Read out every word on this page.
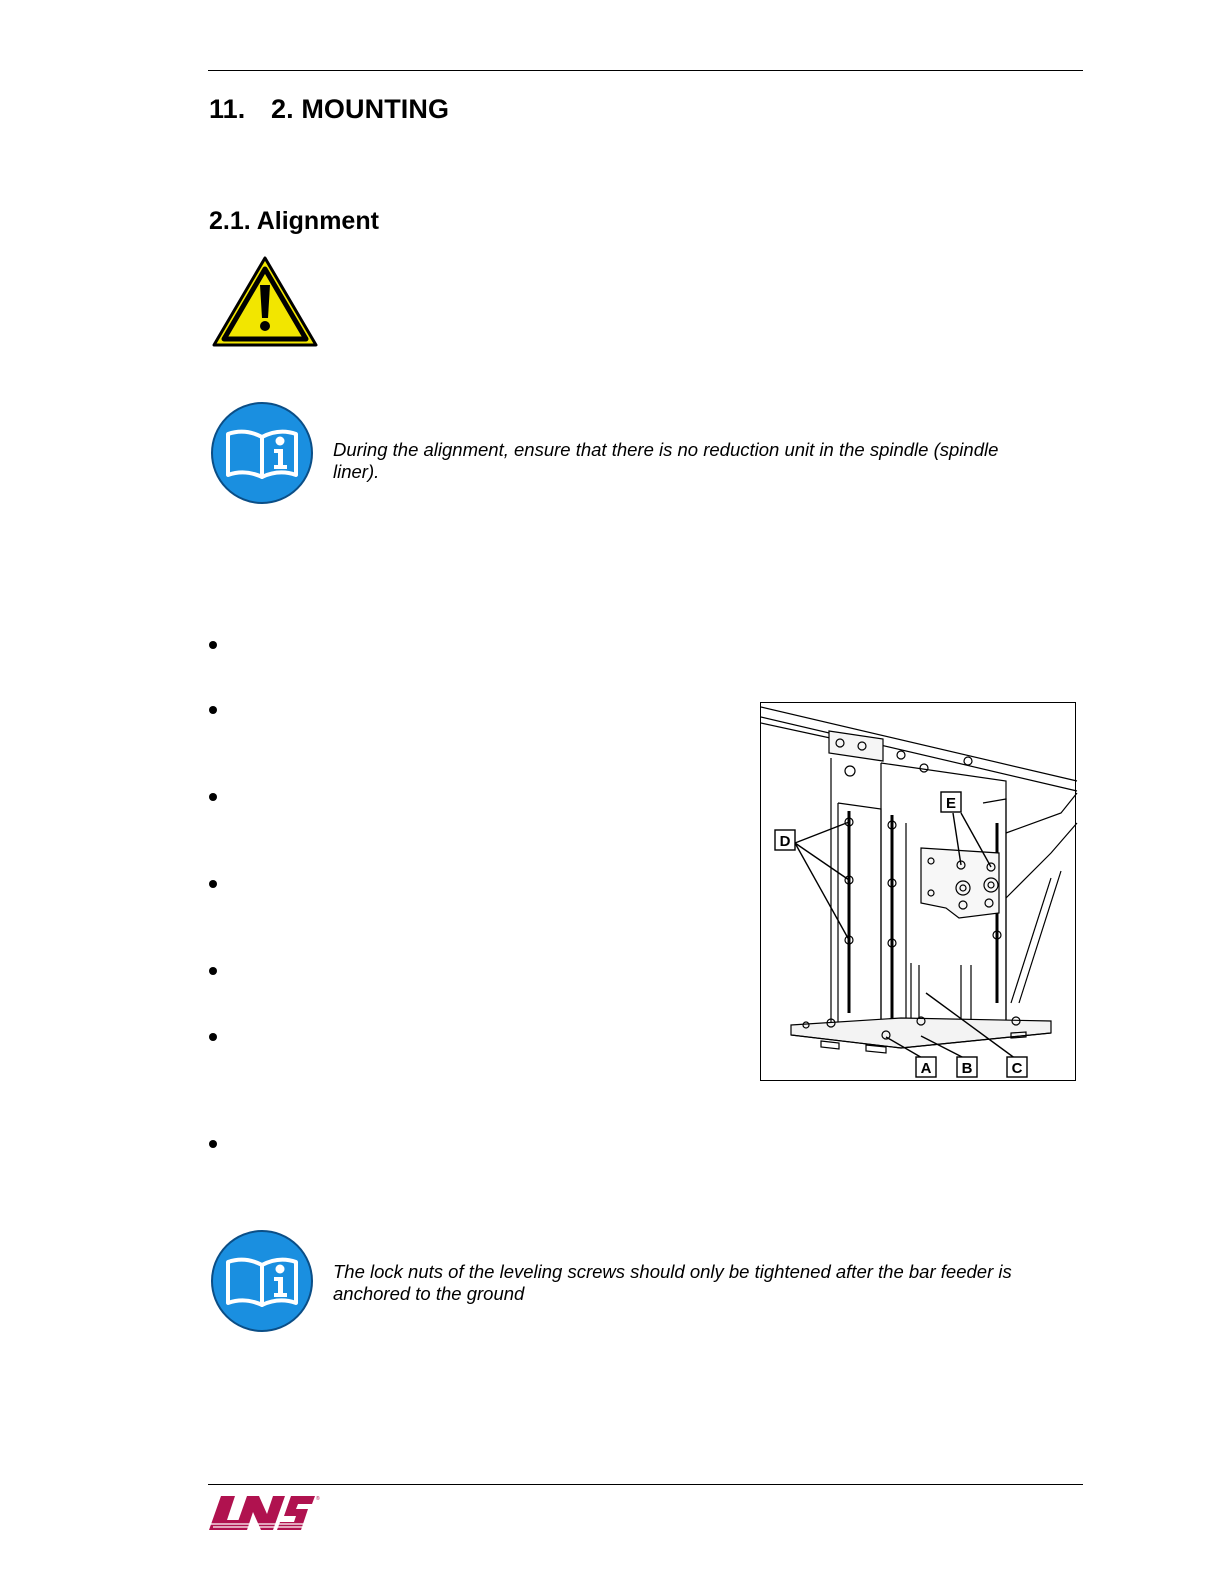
11. 2. MOUNTING
2.1. Alignment
During the alignment, ensure that there is no reduction unit in the spindle (spindle liner).
D
E
A B	C
The lock nuts of the leveling screws should only be tightened after the bar feeder is
anchored to the ground
®
